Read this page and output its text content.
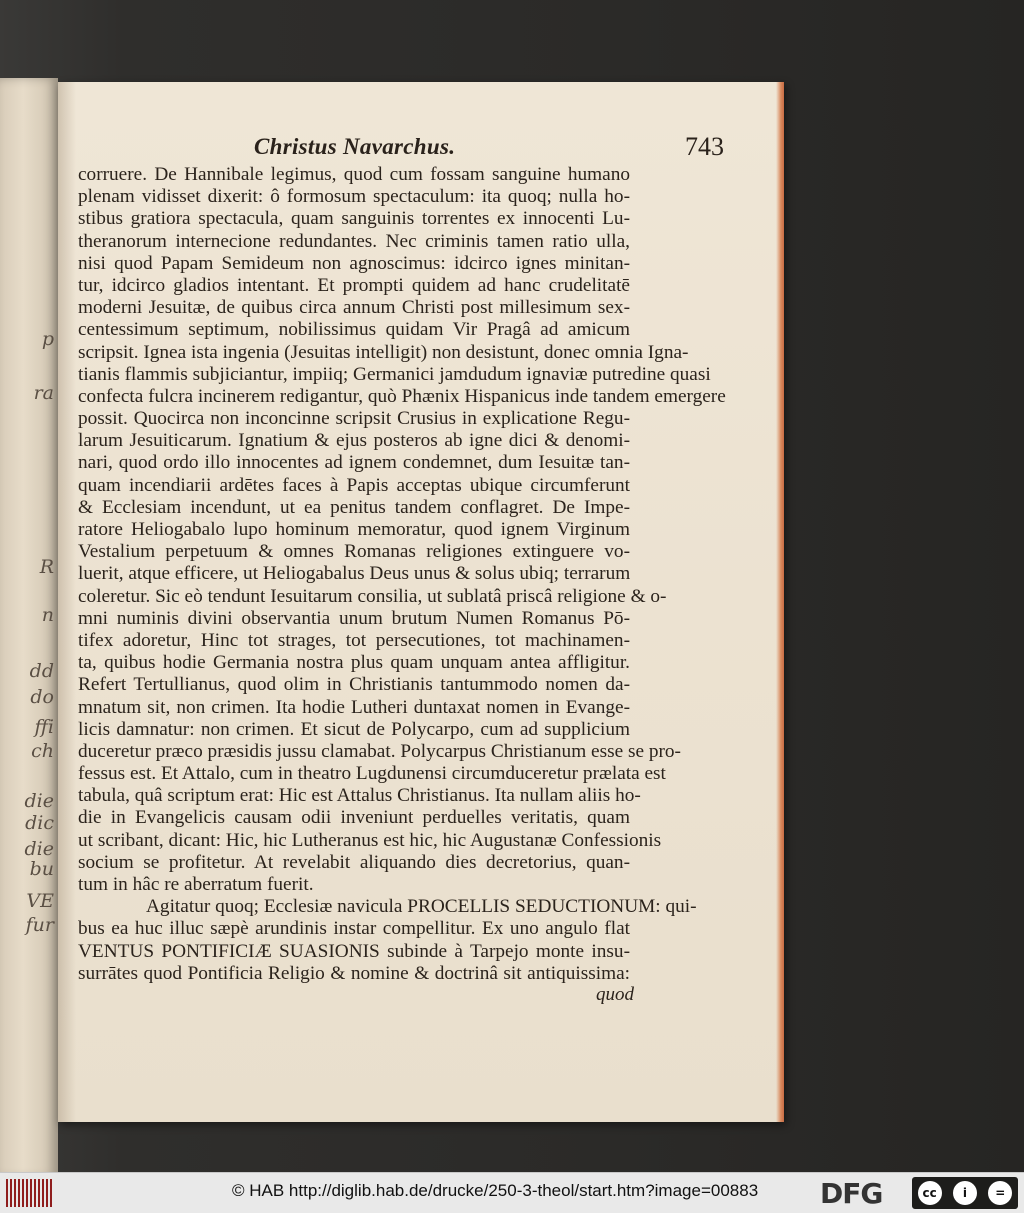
p
ra
R
n
dd
do
ffi
ch
die
dic
die
bu
VE
fur
Christus Navarchus.	743
corruere. De Hannibale legimus, quod cum fossam sanguine humano
plenam vidisset dixerit: ô formosum spectaculum: ita quoq; nulla ho-
stibus gratiora spectacula, quam sanguinis torrentes ex innocenti Lu-
theranorum internecione redundantes. Nec criminis tamen ratio ulla,
nisi quod Papam Semideum non agnoscimus: idcirco ignes minitan-
tur, idcirco gladios intentant. Et prompti quidem ad hanc crudelitatē
moderni Jesuitæ, de quibus circa annum Christi post millesimum sex-
centessimum septimum, nobilissimus quidam Vir Pragâ ad amicum
scripsit. Ignea ista ingenia (Jesuitas intelligit) non desistunt, donec omnia Igna-
tianis flammis subjiciantur, impiiq; Germanici jamdudum ignaviæ putredine quasi
confecta fulcra incinerem redigantur, quò Phænix Hispanicus inde tandem emergere
possit. Quocirca non inconcinne scripsit Crusius in explicatione Regu-
larum Jesuiticarum. Ignatium & ejus posteros ab igne dici & denomi-
nari, quod ordo illo innocentes ad ignem condemnet, dum Iesuitæ tan-
quam incendiarii ardētes faces à Papis acceptas ubique circumferunt
& Ecclesiam incendunt, ut ea penitus tandem conflagret. De Impe-
ratore Heliogabalo lupo hominum memoratur, quod ignem Virginum
Vestalium perpetuum & omnes Romanas religiones extinguere vo-
luerit, atque efficere, ut Heliogabalus Deus unus & solus ubiq; terrarum
coleretur. Sic eò tendunt Iesuitarum consilia, ut sublatâ priscâ religione & o-
mni numinis divini observantia unum brutum Numen Romanus Pō-
tifex adoretur, Hinc tot strages, tot persecutiones, tot machinamen-
ta, quibus hodie Germania nostra plus quam unquam antea affligitur.
Refert Tertullianus, quod olim in Christianis tantummodo nomen da-
mnatum sit, non crimen. Ita hodie Lutheri duntaxat nomen in Evange-
licis damnatur: non crimen. Et sicut de Polycarpo, cum ad supplicium
duceretur præco præsidis jussu clamabat. Polycarpus Christianum esse se pro-
fessus est. Et Attalo, cum in theatro Lugdunensi circumduceretur prælata est
tabula, quâ scriptum erat: Hic est Attalus Christianus. Ita nullam aliis ho-
die in Evangelicis causam odii inveniunt perduelles veritatis, quam
ut scribant, dicant: Hic, hic Lutheranus est hic, hic Augustanæ Confessionis
socium se profitetur. At revelabit aliquando dies decretorius, quan-
tum in hâc re aberratum fuerit.
Agitatur quoq; Ecclesiæ navicula PROCELLIS SEDUCTIONUM: qui-
bus ea huc illuc sæpè arundinis instar compellitur. Ex uno angulo flat
VENTUS PONTIFICIÆ SUASIONIS subinde à Tarpejo monte insu-
surrātes quod Pontificia Religio & nomine & doctrinâ sit antiquissima:
quod
© HAB http://diglib.hab.de/drucke/250-3-theol/start.htm?image=00883 DFG	cc	i	=
